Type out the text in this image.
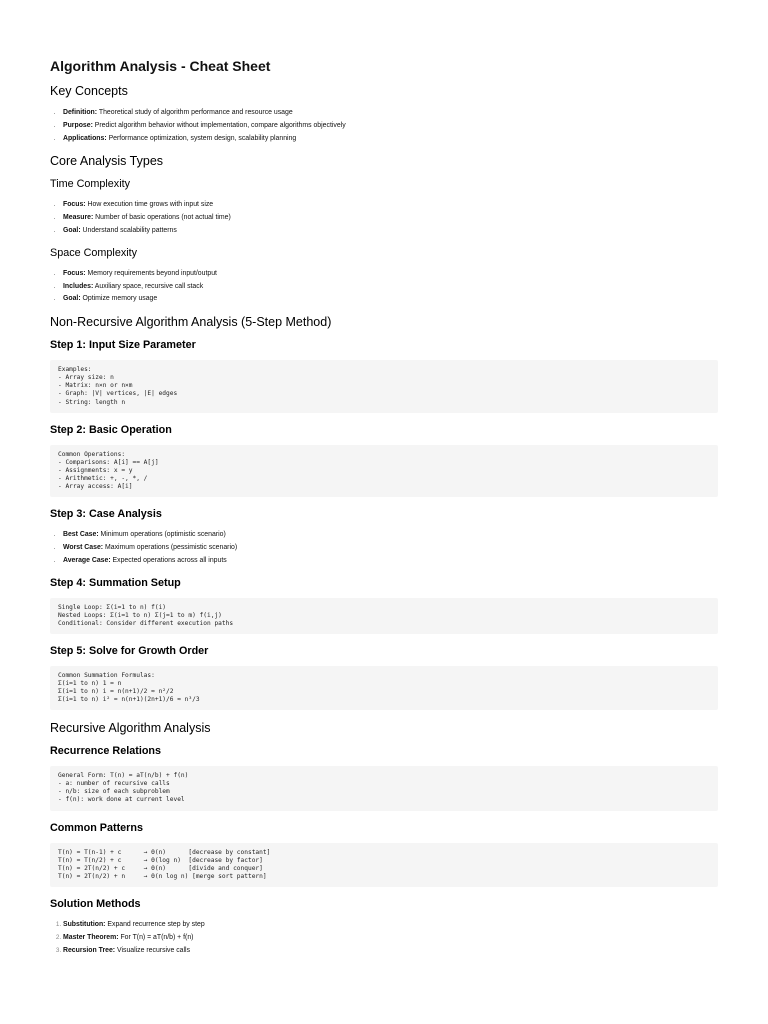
Algorithm Analysis - Cheat Sheet
Key Concepts
• Definition: Theoretical study of algorithm performance and resource usage
• Purpose: Predict algorithm behavior without implementation, compare algorithms objectively
• Applications: Performance optimization, system design, scalability planning
Core Analysis Types
Time Complexity
• Focus: How execution time grows with input size
• Measure: Number of basic operations (not actual time)
• Goal: Understand scalability patterns
Space Complexity
• Focus: Memory requirements beyond input/output
• Includes: Auxiliary space, recursive call stack
• Goal: Optimize memory usage
Non-Recursive Algorithm Analysis (5-Step Method)
Step 1: Input Size Parameter
Examples:
- Array size: n
- Matrix: n×n or n×m
- Graph: |V| vertices, |E| edges
- String: length n
Step 2: Basic Operation
Common Operations:
- Comparisons: A[i] == A[j]
- Assignments: x = y
- Arithmetic: +, -, *, /
- Array access: A[i]
Step 3: Case Analysis
• Best Case: Minimum operations (optimistic scenario)
• Worst Case: Maximum operations (pessimistic scenario)
• Average Case: Expected operations across all inputs
Step 4: Summation Setup
Single Loop: Σ(i=1 to n) f(i)
Nested Loops: Σ(i=1 to n) Σ(j=1 to m) f(i,j)
Conditional: Consider different execution paths
Step 5: Solve for Growth Order
Common Summation Formulas:
Σ(i=1 to n) 1 = n
Σ(i=1 to n) i = n(n+1)/2 ≈ n²/2
Σ(i=1 to n) i² = n(n+1)(2n+1)/6 ≈ n³/3
Recursive Algorithm Analysis
Recurrence Relations
General Form: T(n) = aT(n/b) + f(n)
- a: number of recursive calls
- n/b: size of each subproblem
- f(n): work done at current level
Common Patterns
T(n) = T(n-1) + c      → Θ(n)      [decrease by constant]
T(n) = T(n/2) + c      → Θ(log n)  [decrease by factor]
T(n) = 2T(n/2) + c     → Θ(n)      [divide and conquer]
T(n) = 2T(n/2) + n     → Θ(n log n) [merge sort pattern]
Solution Methods
1. Substitution: Expand recurrence step by step
2. Master Theorem: For T(n) = aT(n/b) + f(n)
3. Recursion Tree: Visualize recursive calls
